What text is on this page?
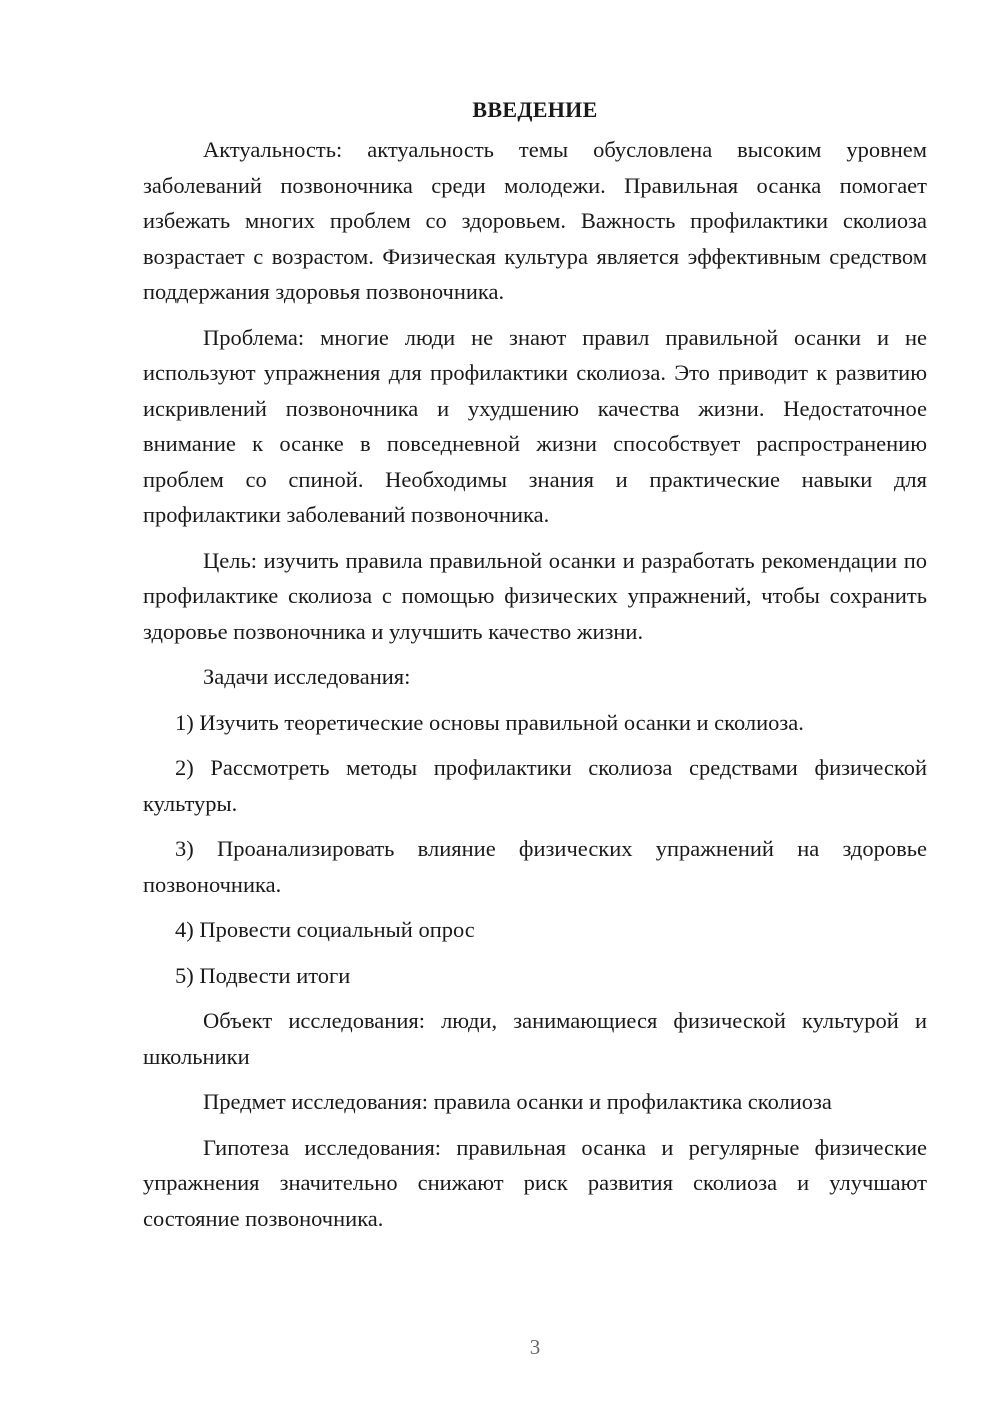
ВВЕДЕНИЕ

Актуальность: актуальность темы обусловлена высоким уровнем заболеваний позвоночника среди молодежи. Правильная осанка помогает избежать многих проблем со здоровьем. Важность профилактики сколиоза возрастает с возрастом. Физическая культура является эффективным средством поддержания здоровья позвоночника.

Проблема: многие люди не знают правил правильной осанки и не используют упражнения для профилактики сколиоза. Это приводит к развитию искривлений позвоночника и ухудшению качества жизни. Недостаточное внимание к осанке в повседневной жизни способствует распространению проблем со спиной. Необходимы знания и практические навыки для профилактики заболеваний позвоночника.

Цель: изучить правила правильной осанки и разработать рекомендации по профилактике сколиоза с помощью физических упражнений, чтобы сохранить здоровье позвоночника и улучшить качество жизни.

Задачи исследования:

1) Изучить теоретические основы правильной осанки и сколиоза.

2) Рассмотреть методы профилактики сколиоза средствами физической культуры.

3) Проанализировать влияние физических упражнений на здоровье позвоночника.

4) Провести социальный опрос

5) Подвести итоги

Объект исследования: люди, занимающиеся физической культурой и школьники

Предмет исследования: правила осанки и профилактика сколиоза

Гипотеза исследования: правильная осанка и регулярные физические упражнения значительно снижают риск развития сколиоза и улучшают состояние позвоночника.

3
